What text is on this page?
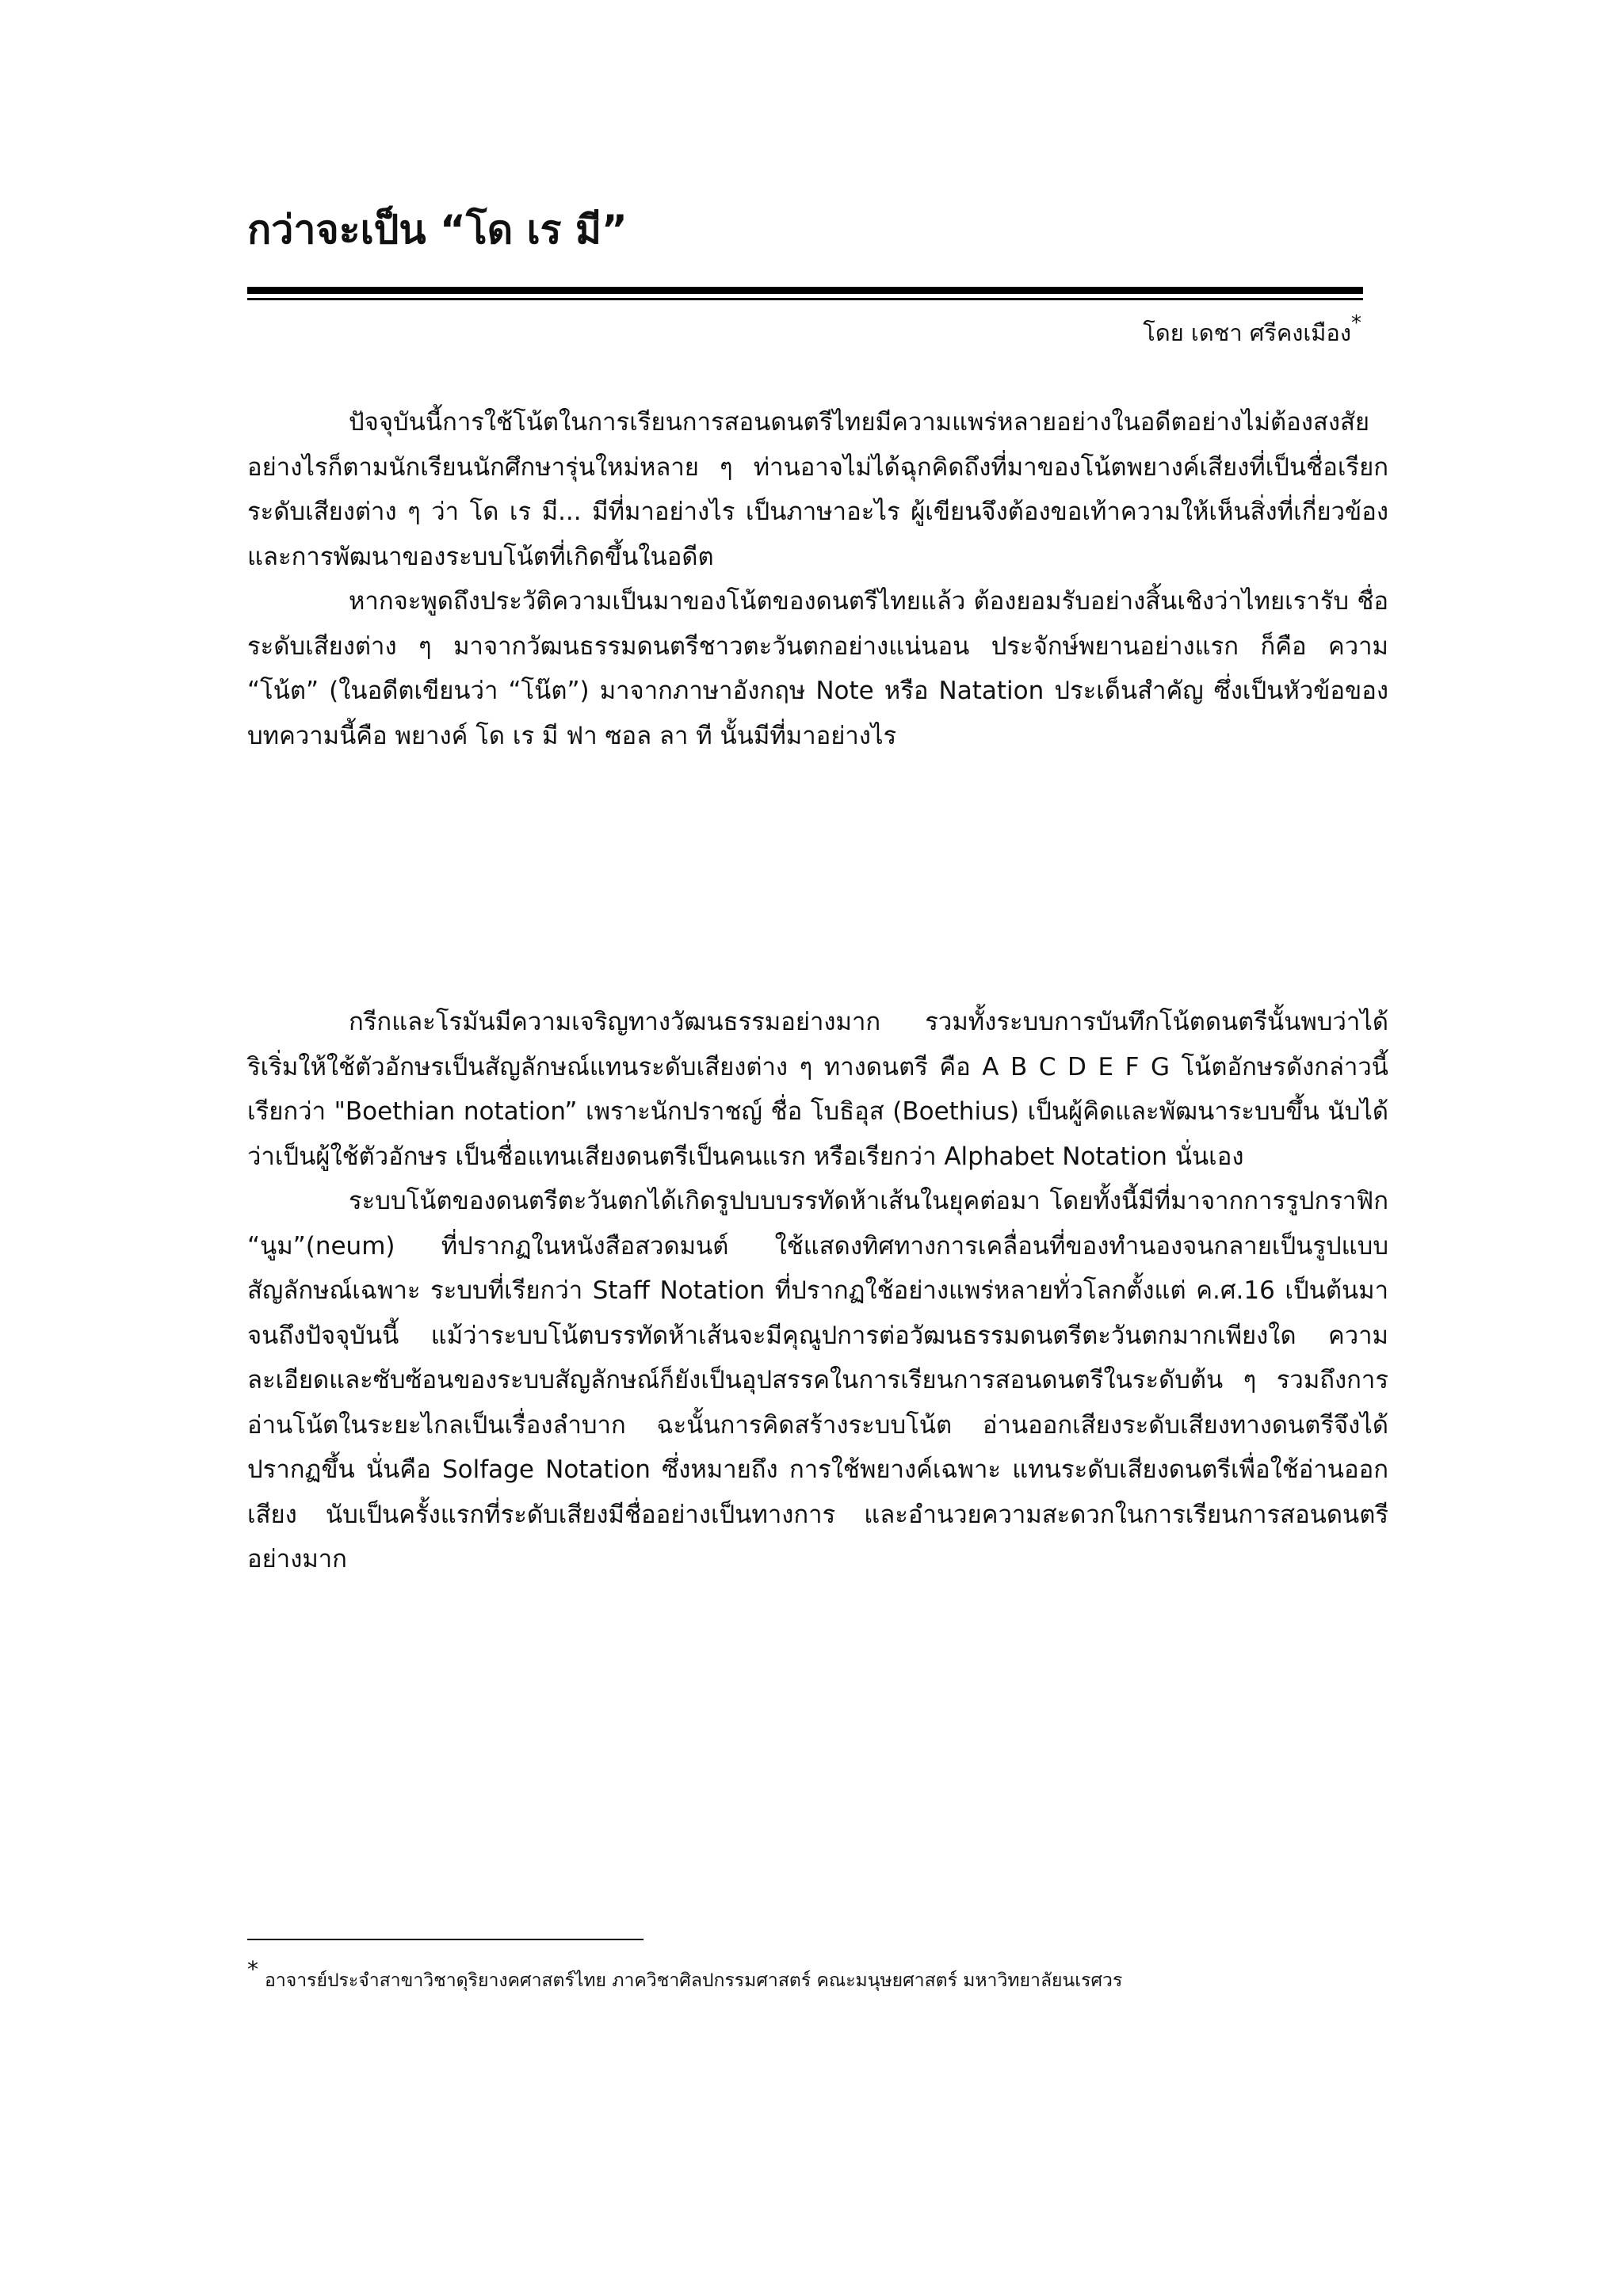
กว่าจะเป็น “โด เร มี”
โดย เดชา ศรีคงเมือง*

ปัจจุบันนี้การใช้โน้ตในการเรียนการสอนดนตรีไทยมีความแพร่หลายอย่างในอดีตอย่างไม่ต้องสงสัย อย่างไรก็ตามนักเรียนนักศึกษารุ่นใหม่หลาย ๆ ท่านอาจไม่ได้ฉุกคิดถึงที่มาของโน้ตพยางค์เสียงที่เป็นชื่อเรียกระดับเสียงต่าง ๆ ว่า โด เร มี... มีที่มาอย่างไร เป็นภาษาอะไร ผู้เขียนจึงต้องขอเท้าความให้เห็นสิ่งที่เกี่ยวข้องและการพัฒนาของระบบโน้ตที่เกิดขึ้นในอดีต

หากจะพูดถึงประวัติความเป็นมาของโน้ตของดนตรีไทยแล้ว ต้องยอมรับอย่างสิ้นเชิงว่าไทยเรารับ ชื่อระดับเสียงต่าง ๆ มาจากวัฒนธรรมดนตรีชาวตะวันตกอย่างแน่นอน ประจักษ์พยานอย่างแรก ก็คือ ความ “โน้ต” (ในอดีตเขียนว่า “โน๊ต”) มาจากภาษาอังกฤษ Note หรือ Natation ประเด็นสำคัญ ซึ่งเป็นหัวข้อของบทความนี้คือ พยางค์ โด เร มี ฟา ซอล ลา ที นั้นมีที่มาอย่างไร

กรีกและโรมันมีความเจริญทางวัฒนธรรมอย่างมาก รวมทั้งระบบการบันทึกโน้ตดนตรีนั้นพบว่าได้ริเริ่มให้ใช้ตัวอักษรเป็นสัญลักษณ์แทนระดับเสียงต่าง ๆ ทางดนตรี คือ A B C D E F G โน้ตอักษรดังกล่าวนี้เรียกว่า "Boethian notation” เพราะนักปราชญ์ ชื่อ โบธิอุส (Boethius) เป็นผู้คิดและพัฒนาระบบขึ้น นับได้ว่าเป็นผู้ใช้ตัวอักษร เป็นชื่อแทนเสียงดนตรีเป็นคนแรก หรือเรียกว่า Alphabet Notation นั่นเอง

ระบบโน้ตของดนตรีตะวันตกได้เกิดรูปบบบรรทัดห้าเส้นในยุคต่อมา โดยทั้งนี้มีที่มาจากการรูปกราฟิก “นูม”(neum) ที่ปรากฏในหนังสือสวดมนต์ ใช้แสดงทิศทางการเคลื่อนที่ของทำนองจนกลายเป็นรูปแบบสัญลักษณ์เฉพาะ ระบบที่เรียกว่า Staff Notation ที่ปรากฏใช้อย่างแพร่หลายทั่วโลกตั้งแต่ ค.ศ.16 เป็นต้นมาจนถึงปัจจุบันนี้ แม้ว่าระบบโน้ตบรรทัดห้าเส้นจะมีคุณูปการต่อวัฒนธรรมดนตรีตะวันตกมากเพียงใด ความละเอียดและซับซ้อนของระบบสัญลักษณ์ก็ยังเป็นอุปสรรคในการเรียนการสอนดนตรีในระดับต้น ๆ รวมถึงการอ่านโน้ตในระยะไกลเป็นเรื่องลำบาก ฉะนั้นการคิดสร้างระบบโน้ต อ่านออกเสียงระดับเสียงทางดนตรีจึงได้ปรากฏขึ้น นั่นคือ Solfage Notation ซึ่งหมายถึง การใช้พยางค์เฉพาะ แทนระดับเสียงดนตรีเพื่อใช้อ่านออกเสียง นับเป็นครั้งแรกที่ระดับเสียงมีชื่ออย่างเป็นทางการ และอำนวยความสะดวกในการเรียนการสอนดนตรีอย่างมาก

* อาจารย์ประจำสาขาวิชาดุริยางคศาสตร์ไทย ภาควิชาศิลปกรรมศาสตร์ คณะมนุษยศาสตร์ มหาวิทยาลัยนเรศวร
